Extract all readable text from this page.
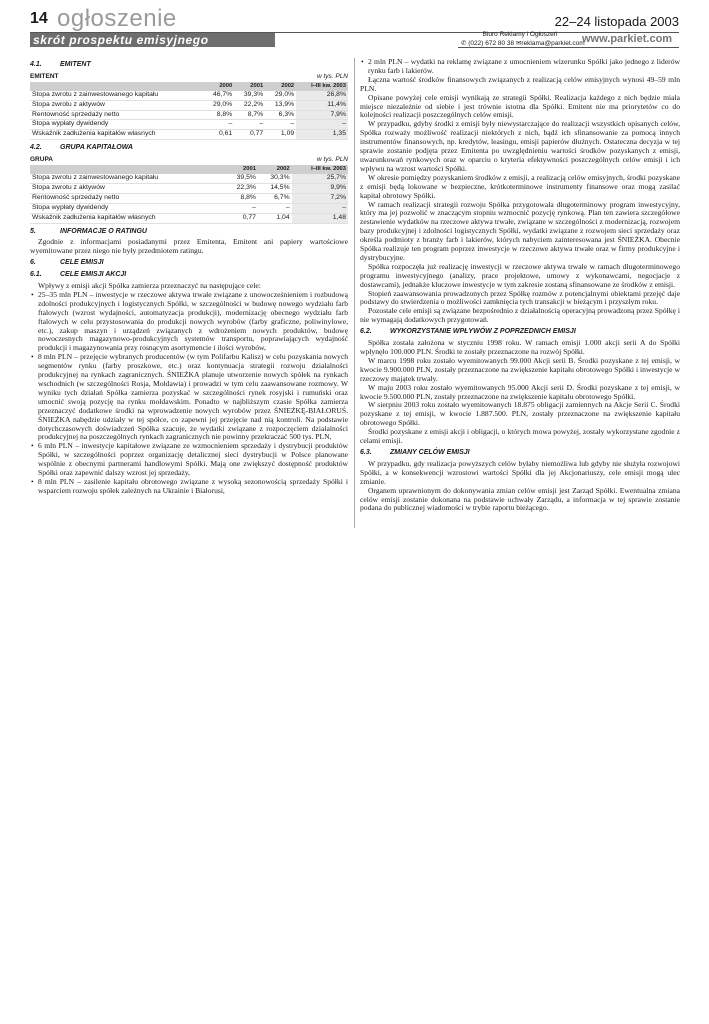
14 ogłoszenie	22–24 listopada 2003
skrót prospektu emisyjnego	Biuro Reklamy i Ogłoszeń
✆ (022) 672 80 38 ✉reklama@parkiet.com
www.parkiet.com
4.1.	EMITENT
EMITENT	w tys. PLN
	2000	2001	2002	I–III kw. 2003
Stopa zwrotu z zainwestowanego kapitału	46,7%	39,3%	29,0%	26,8%
Stopa zwrotu z aktywów	29,0%	22,2%	13,9%	11,4%
Rentowność sprzedaży netto	8,8%	8,7%	6,3%	7,9%
Stopa wypłaty dywidendy	–	–	–	–
Wskaźnik zadłużenia kapitałów własnych	0,61	0,77	1,09	1,35
4.2.	GRUPA KAPITAŁOWA
GRUPA	w tys. PLN
		2001	2002	I–III kw. 2003
Stopa zwrotu z zainwestowanego kapitału		39,5%	30,3%	25,7%
Stopa zwrotu z aktywów		22,3%	14,5%	9,9%
Rentowność sprzedaży netto		8,8%	6,7%	7,2%
Stopa wypłaty dywidendy		–	–	–
Wskaźnik zadłużenia kapitałów własnych		0,77	1,04	1,48
5.	INFORMACJE O RATINGU

Zgodnie z informacjami posiadanymi przez Emitenta, Emitent ani papiery wartościowe wyemitowane przez niego nie były przedmiotem ratingu.

6.	CELE EMISJI
6.1.	CELE EMISJI AKCJI

Wpływy z emisji akcji Spółka zamierza przeznaczyć na następujące cele:

• 25–35 mln PLN – inwestycje w rzeczowe aktywa trwałe związane z unowocześnieniem i rozbudową zdolności produkcyjnych i logistycznych Spółki, w szczególności w budowę nowego wydziału farb ftalowych (wzrost wydajności, automatyzacja produkcji), modernizację obecnego wydziału farb ftalowych w celu przystosowania do produkcji nowych wyrobów (farby graficzne, poliwinylowe, etc.), zakup maszyn i urządzeń związanych z wdrożeniem nowych produktów, budowę nowoczesnych magazynowo-produkcyjnych systemów transportu, poprawiających wydajność produkcji i magazynowania przy rosnącym asortymencie i ilości wyrobów,
• 8 mln PLN – przejęcie wybranych producentów (w tym Polifarbu Kalisz) w celu pozyskania nowych segmentów rynku (farby proszkowe, etc.) oraz kontynuacja strategii rozwoju działalności produkcyjnej na rynkach zagranicznych. ŚNIEŻKA planuje utworzenie nowych spółek na rynkach wschodnich (w szczególności Rosja, Mołdawia) i prowadzi w tym celu zaawansowane rozmowy. W wyniku tych działań Spółka zamierza pozyskać w szczególności rynek rosyjski i rumuński oraz umocnić swoją pozycję na rynku mołdawskim. Ponadto w najbliższym czasie Spółka zamierza przeznaczyć dodatkowe środki na wprowadzenie nowych wyrobów przez ŚNIEŻKĘ-BIAŁORUŚ. ŚNIEŻKA nabędzie udziały w tej spółce, co zapewni jej przejęcie nad nią kontroli. Na podstawie dotychczasowych doświadczeń Spółka szacuje, że wydatki związane z rozpoczęciem działalności produkcyjnej na poszczególnych rynkach zagranicznych nie powinny przekraczać 500 tys. PLN,
• 6 mln PLN – inwestycje kapitałowe związane ze wzmocnieniem sprzedaży i dystrybucji produktów Spółki, w szczególności poprzez organizację detalicznej sieci dystrybucji w Polsce planowane wspólnie z obecnymi partnerami handlowymi Spółki. Mają one zwiększyć dostępność produktów Spółki oraz zapewnić dalszy wzrost jej sprzedaży,
• 8 mln PLN – zasilenie kapitału obrotowego związane z wysoką sezonowością sprzedaży Spółki i wsparciem rozwoju spółek zależnych na Ukrainie i Białorusi,
• 2 mln PLN – wydatki na reklamę związane z umocnieniem wizerunku Spółki jako jednego z liderów rynku farb i lakierów.

Łączna wartość środków finansowych związanych z realizacją celów emisyjnych wynosi 49–59 mln PLN.

Opisane powyżej cele emisji wynikają ze strategii Spółki. Realizacja każdego z nich będzie miała miejsce niezależnie od siebie i jest trównie istotna dla Spółki. Emitent nie ma priorytetów co do kolejności realizacji poszczególnych celów emisji.

W przypadku, gdyby środki z emisji były niewystarczające do realizacji wszystkich opisanych celów, Spółka rozważy możliwość realizacji niektórych z nich, bądź ich sfinansowanie za pomocą innych instrumentów finansowych, np. kredytów, leasingu, emisji papierów dłużnych. Ostateczna decyzja w tej sprawie zostanie podjęta przez Emitenta po uwzględnieniu wartości środków pozyskanych z emisji, uwarunkowań rynkowych oraz w oparciu o kryteria efektywności poszczególnych celów emisji i ich wpływu na wzrost wartości Spółki.

W okresie pomiędzy pozyskaniem środków z emisji, a realizacją celów emisyjnych, środki pozyskane z emisji będą lokowane w bezpieczne, krótkoterminowe instrumenty finansowe oraz mogą zasilać kapitał obrotowy Spółki.

W ramach realizacji strategii rozwoju Spółka przygotowała długoterminowy program inwestycyjny, który ma jej pozwolić w znaczącym stopniu wzmocnić pozycję rynkową. Plan ten zawiera szczegółowe zestawienie wydatków na rzeczowe aktywa trwałe, związane w szczególności z modernizacją, rozwojem bazy produkcyjnej i zdolności logistycznych Spółki, wydatki związane z rozwojem sieci sprzedaży oraz określa podmioty z branży farb i lakierów, których nabyciem zainteresowana jest ŚNIEŻKA. Obecnie Spółka realizuje ten program poprzez inwestycje w rzeczowe aktywa trwałe oraz w firmy produkcyjne i dystrybucyjne.

Spółka rozpoczęła już realizację inwestycji w rzeczowe aktywa trwałe w ramach długoterminowego programu inwestycyjnego (analizy, prace projektowe, umowy z wykonawcami, negocjacje z dostawcami), jednakże kluczowe inwestycje w tym zakresie zostaną sfinansowane ze środków z emisji.

Stopień zaawansowania prowadzonych przez Spółkę rozmów z potencjalnymi obiektami przejęć daje podstawy do stwierdzenia o możliwości zamknięcia tych transakcji w bieżącym i przyszłym roku.

Pozostałe cele emisji są związane bezpośrednio z działalnością operacyjną prowadzoną przez Spółkę i nie wymagają dodatkowych przygotowań.

6.2.	WYKORZYSTANIE WPŁYWÓW Z POPRZEDNICH EMISJI

Spółka została założona w styczniu 1998 roku. W ramach emisji 1.000 akcji serii A do Spółki wpłynęło 100.000 PLN. Środki te zostały przeznaczone na rozwój Spółki.

W marcu 1998 roku zostało wyemitowanych 99.000 Akcji serii B. Środki pozyskane z tej emisji, w kwocie 9.900.000 PLN, zostały przeznaczone na zwiększenie kapitału obrotowego Spółki i inwestycje w rzeczowy majątek trwały.

W maju 2003 roku zostało wyemitowanych 95.000 Akcji serii D. Środki pozyskane z tej emisji, w kwocie 9.500.000 PLN, zostały przeznaczone na zwiększenie kapitału obrotowego Spółki.

W sierpniu 2003 roku zostało wyemitowanych 18.875 obligacji zamiennych na Akcje Serii C. Środki pozyskane z tej emisji, w kwocie 1.887.500. PLN, zostały przeznaczone na zwiększenie kapitału obrotowego Spółki.

Środki pozyskane z emisji akcji i obligacji, o których mowa powyżej, zostały wykorzystane zgodnie z celami emisji.

6.3.	ZMIANY CELÓW EMISJI

W przypadku, gdy realizacja powyższych celów byłaby niemożliwa lub gdyby nie służyła rozwojowi Spółki, a w konsekwencji wzrostowi wartości Spółki dla jej Akcjonariuszy, cele emisji mogą ulec zmianie.

Organem uprawnionym do dokonywania zmian celów emisji jest Zarząd Spółki. Ewentualna zmiana celów emisji zostanie dokonana na podstawie uchwały Zarządu, a informacja w tej sprawie zostanie podana do publicznej wiadomości w trybie raportu bieżącego.
